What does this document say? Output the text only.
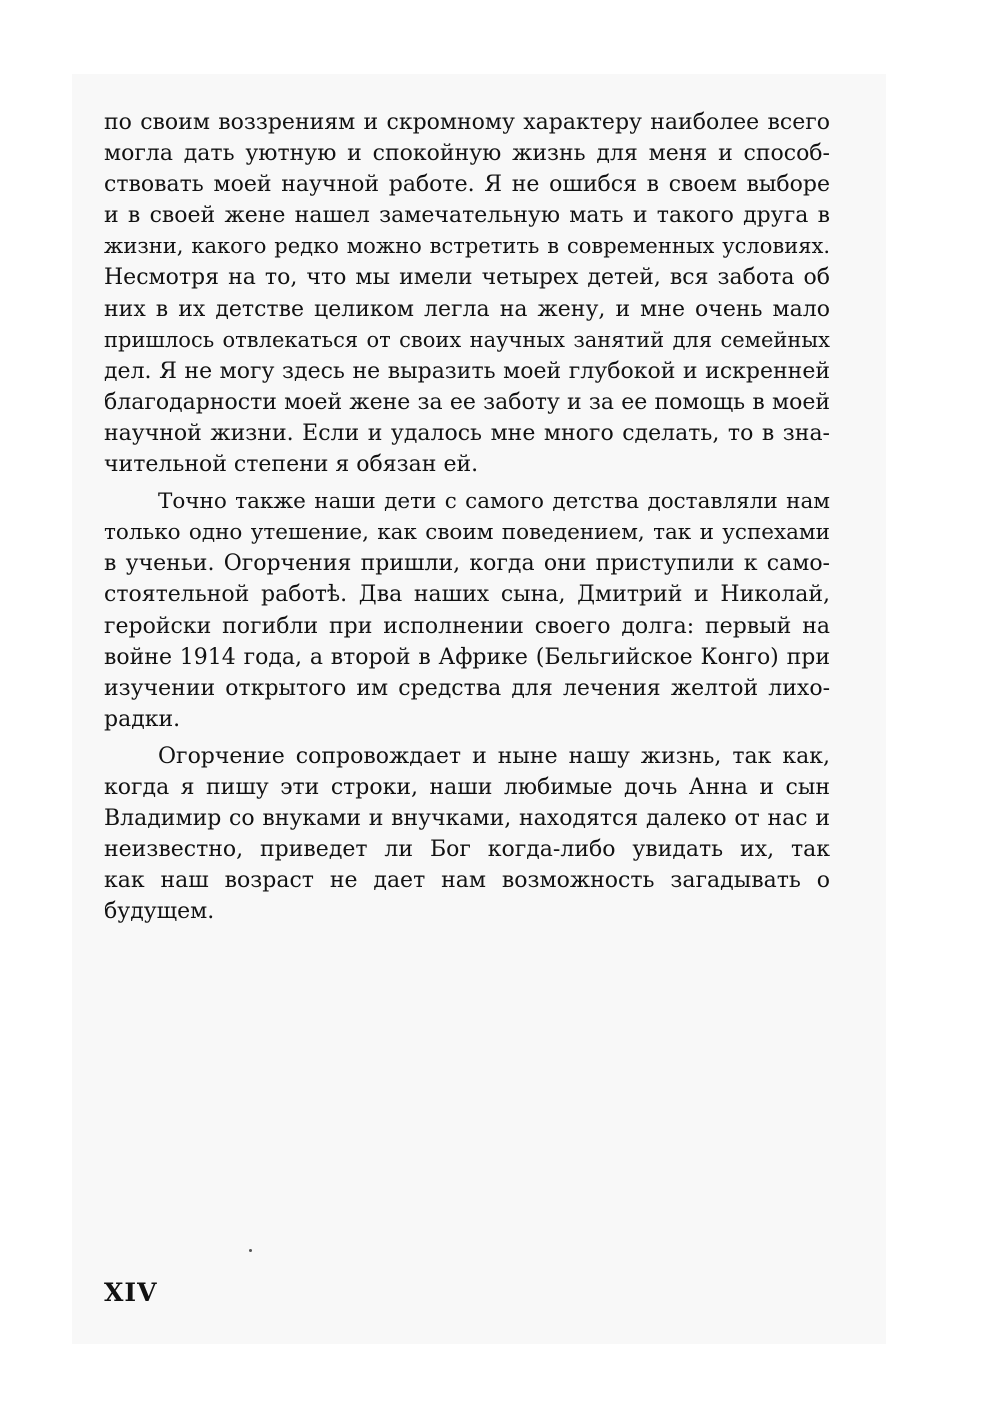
по своим воззрениям и скромному характеру наиболее всего
могла дать уютную и спокойную жизнь для меня и способ-
ствовать моей научной работе. Я не ошибся в своем выборе
и в своей жене нашел замечательную мать и такого друга в
жизни, какого редко можно встретить в современных условиях.
Несмотря на то, что мы имели четырех детей, вся забота об
них в их детстве целиком легла на жену, и мне очень мало
пришлось отвлекаться от своих научных занятий для семейных
дел. Я не могу здесь не выразить моей глубокой и искренней
благодарности моей жене за ее заботу и за ее помощь в моей
научной жизни. Если и удалось мне много сделать, то в зна-
чительной степени я обязан ей.
Точно также наши дети с самого детства доставляли нам
только одно утешение, как своим поведением, так и успехами
в ученьи. Огорчения пришли, когда они приступили к само-
стоятельной работѣ. Два наших сына, Дмитрий и Николай,
геройски погибли при исполнении своего долга: первый на
войне 1914 года, а второй в Африке (Бельгийское Конго) при
изучении открытого им средства для лечения желтой лихо-
радки.
Огорчение сопровождает и ныне нашу жизнь, так как,
когда я пишу эти строки, наши любимые дочь Анна и сын
Владимир со внуками и внучками, находятся далеко от нас и
неизвестно, приведет ли Бог когда-либо увидать их, так
как наш возраст не дает нам возможность загадывать о
будущем.
XIV
